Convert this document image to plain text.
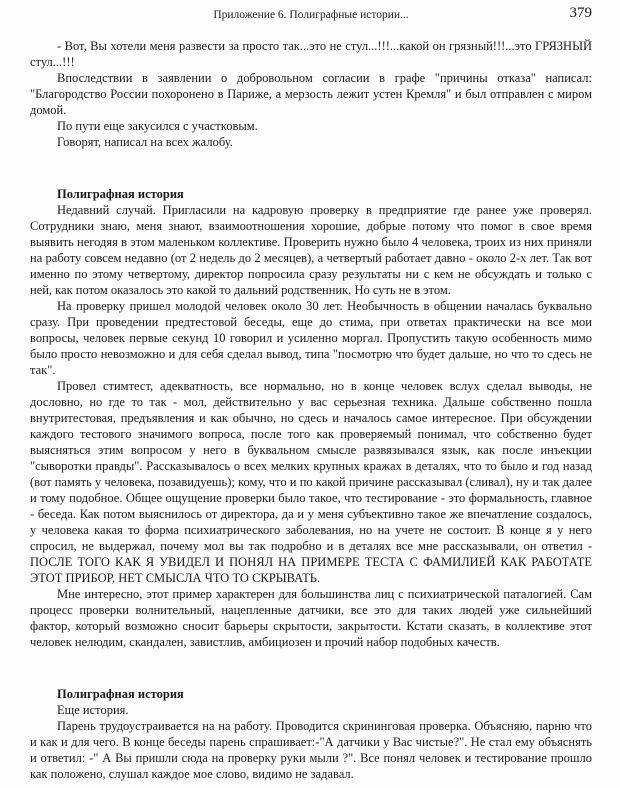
Приложение 6. Полиграфные истории...	379

- Вот, Вы хотели меня развести за просто так...это не стул...!!!...какой он грязный!!!...это ГРЯЗНЫЙ стул...!!!

Впоследствии в заявлении о добровольном согласии в графе "причины отказа" написал: "Благородство России похоронено в Париже, а мерзость лежит устен Кремля" и был отправлен с миром домой.

По пути еще закусился с участковым.

Говорят, написал на всех жалобу.

Полиграфная история

Недавний случай. Пригласили на кадровую проверку в предприятие где ранее уже проверял. Сотрудники знаю, меня знают, взаимоотношения хорошие, добрые потому что помог в свое время выявить негодяя в этом маленьком коллективе. Проверить нужно было 4 человека, троих из них приняли на работу совсем недавно (от 2 недель до 2 месяцев), а четвертый работает давно - около 2-х лет. Так вот именно по этому четвертому, директор попросила сразу результаты ни с кем не обсуждать и только с ней, как потом оказалось это какой то дальний родственник. Но суть не в этом.

На проверку пришел молодой человек около 30 лет. Необычность в общении началась буквально сразу. При проведении предтестовой беседы, еще до стима, при ответах практически на все мои вопросы, человек первые секунд 10 говорил и усиленно моргал. Пропустить такую особенность мимо было просто невозможно и для себя сделал вывод, типа "посмотрю что будет дальше, но что то сдесь не так".

Провел стимтест, адекватность, все нормально, но в конце человек вслух сделал выводы, не дословно, но где то так - мол, действительно у вас серьезная техника. Дальше собственно пошла внутритестовая, предъявления и как обычно, но сдесь и началось самое интересное. При обсуждении каждого тестового значимого вопроса, после того как проверяемый понимал, что собственно будет выясняться этим вопросом у него в буквальном смысле развязывался язык, как после инъекции "сыворотки правды". Рассказывалось о всех мелких крупных кражах в деталях, что то было и год назад (вот память у человека, позавидуешь); кому, что и по какой причине рассказывал (сливал), ну и так далее и тому подобное. Общее ощущение проверки было такое, что тестирование - это формальность, главное - беседа. Как потом выяснилось от директора, да и у меня субъективно такое же впечатление создалось, у человека какая то форма психиатрического заболевания, но на учете не состоит. В конце я у него спросил, не выдержал, почему мол вы так подробно и в деталях все мне рассказывали, он ответил - ПОСЛЕ ТОГО КАК Я УВИДЕЛ И ПОНЯЛ НА ПРИМЕРЕ ТЕСТА С ФАМИЛИЕЙ КАК РАБОТАТЕ ЭТОТ ПРИБОР, НЕТ СМЫСЛА ЧТО ТО СКРЫВАТЬ.

Мне интересно, этот пример характерен для большинства лиц с психиатрической паталогией. Сам процесс проверки волнительный, нацепленные датчики, все это для таких людей уже сильнейший фактор, который возможно сносит барьеры скрытости, закрытости. Кстати сказать, в коллективе этот человек нелюдим, скандален, завистлив, амбициозен и прочий набор подобных качеств.

Полиграфная история

Еще история.

Парень трудоустраивается на на работу. Проводится скрининговая проверка. Объясняю, парню что и как и для чего. В конце беседы парень спрашивает:-"А датчики у Вас чистые?". Не стал ему объяснять и ответил: -" А Вы пришли сюда на проверку руки мыли ?". Все понял человек и тестирование прошло как положено, слушал каждое мое слово, видимо не задавал.
